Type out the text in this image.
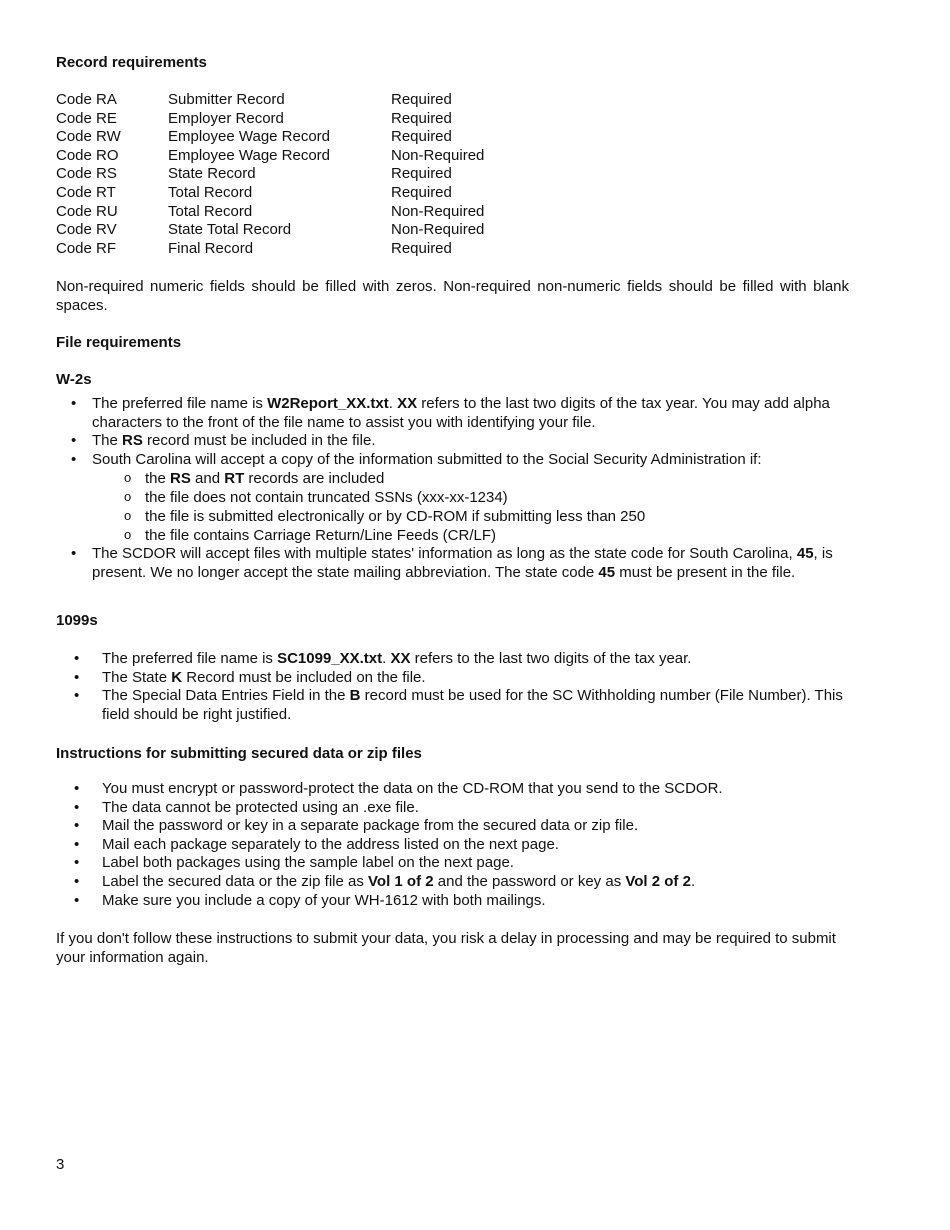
Record requirements
Code RA	Submitter Record	Required
Code RE	Employer Record	Required
Code RW	Employee Wage Record	Required
Code RO	Employee Wage Record	Non-Required
Code RS	State Record	Required
Code RT	Total Record	Required
Code RU	Total Record	Non-Required
Code RV	State Total Record	Non-Required
Code RF	Final Record	Required

Non-required numeric fields should be filled with zeros. Non-required non-numeric fields should be filled with blank spaces.

File requirements
W-2s
• The preferred file name is W2Report_XX.txt. XX refers to the last two digits of the tax year. You may add alpha characters to the front of the file name to assist you with identifying your file.
• The RS record must be included in the file.
• South Carolina will accept a copy of the information submitted to the Social Security Administration if:
o the RS and RT records are included
o the file does not contain truncated SSNs (xxx-xx-1234)
o the file is submitted electronically or by CD-ROM if submitting less than 250
o the file contains Carriage Return/Line Feeds (CR/LF)
• The SCDOR will accept files with multiple states' information as long as the state code for South Carolina, 45, is present. We no longer accept the state mailing abbreviation. The state code 45 must be present in the file.
1099s
• The preferred file name is SC1099_XX.txt. XX refers to the last two digits of the tax year.
• The State K Record must be included on the file.
• The Special Data Entries Field in the B record must be used for the SC Withholding number (File Number). This field should be right justified.
Instructions for submitting secured data or zip files
• You must encrypt or password-protect the data on the CD-ROM that you send to the SCDOR.
• The data cannot be protected using an .exe file.
• Mail the password or key in a separate package from the secured data or zip file.
• Mail each package separately to the address listed on the next page.
• Label both packages using the sample label on the next page.
• Label the secured data or the zip file as Vol 1 of 2 and the password or key as Vol 2 of 2.
• Make sure you include a copy of your WH-1612 with both mailings.

If you don't follow these instructions to submit your data, you risk a delay in processing and may be required to submit your information again.

3
